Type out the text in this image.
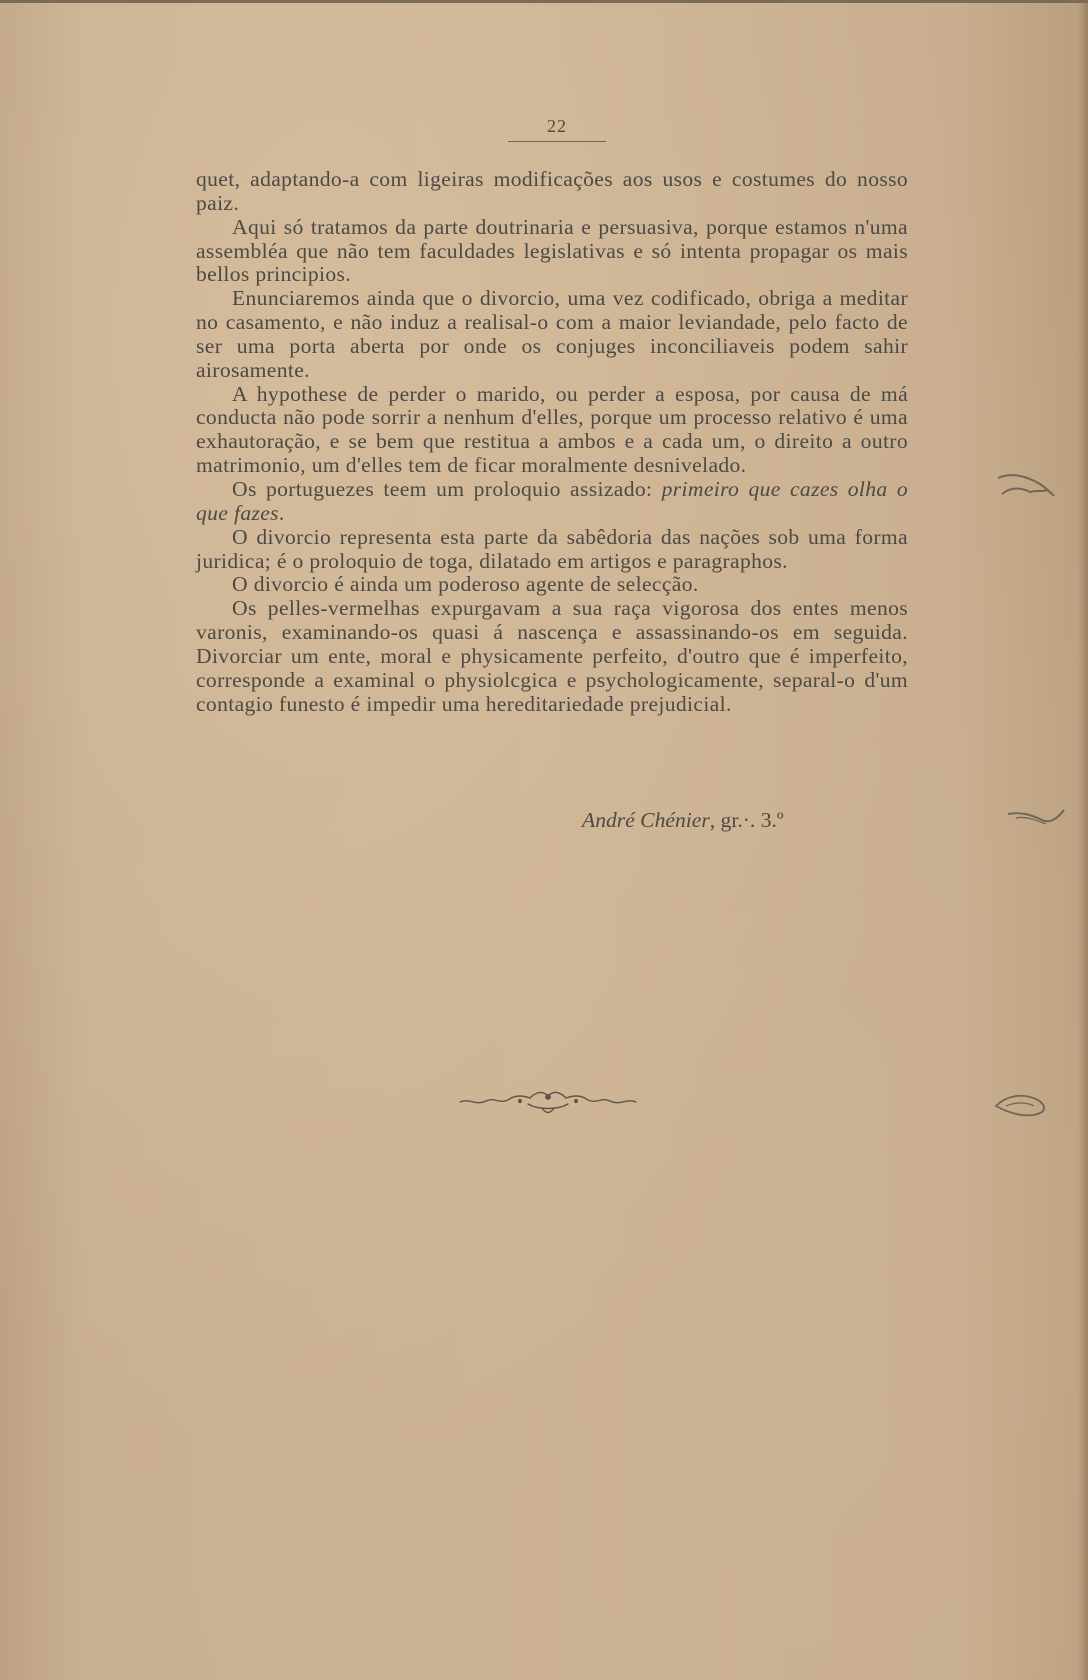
22

quet, adaptando-a com ligeiras modificações aos usos e costumes do nosso paiz.

Aqui só tratamos da parte doutrinaria e persuasiva, porque estamos n'uma assembléa que não tem faculdades legislativas e só intenta propagar os mais bellos principios.

Enunciaremos ainda que o divorcio, uma vez codificado, obriga a meditar no casamento, e não induz a realisal-o com a maior leviandade, pelo facto de ser uma porta aberta por onde os conjuges inconciliaveis podem sahir airosamente.

A hypothese de perder o marido, ou perder a esposa, por causa de má conducta não pode sorrir a nenhum d'elles, porque um processo relativo é uma exhautoração, e se bem que restitua a ambos e a cada um, o direito a outro matrimonio, um d'elles tem de ficar moralmente desnivelado.

Os portuguezes teem um proloquio assizado: primeiro que cazes olha o que fazes.

O divorcio representa esta parte da sabêdoria das nações sob uma forma juridica; é o proloquio de toga, dilatado em artigos e paragraphos.

O divorcio é ainda um poderoso agente de selecção.

Os pelles-vermelhas expurgavam a sua raça vigorosa dos entes menos varonis, examinando-os quasi á nascença e assassinando-os em seguida. Divorciar um ente, moral e physicamente perfeito, d'outro que é imperfeito, corresponde a examinal o physiolcgica e psychologicamente, separal-o d'um contagio funesto é impedir uma hereditariedade prejudicial.

André Chénier, gr.·. 3.º
